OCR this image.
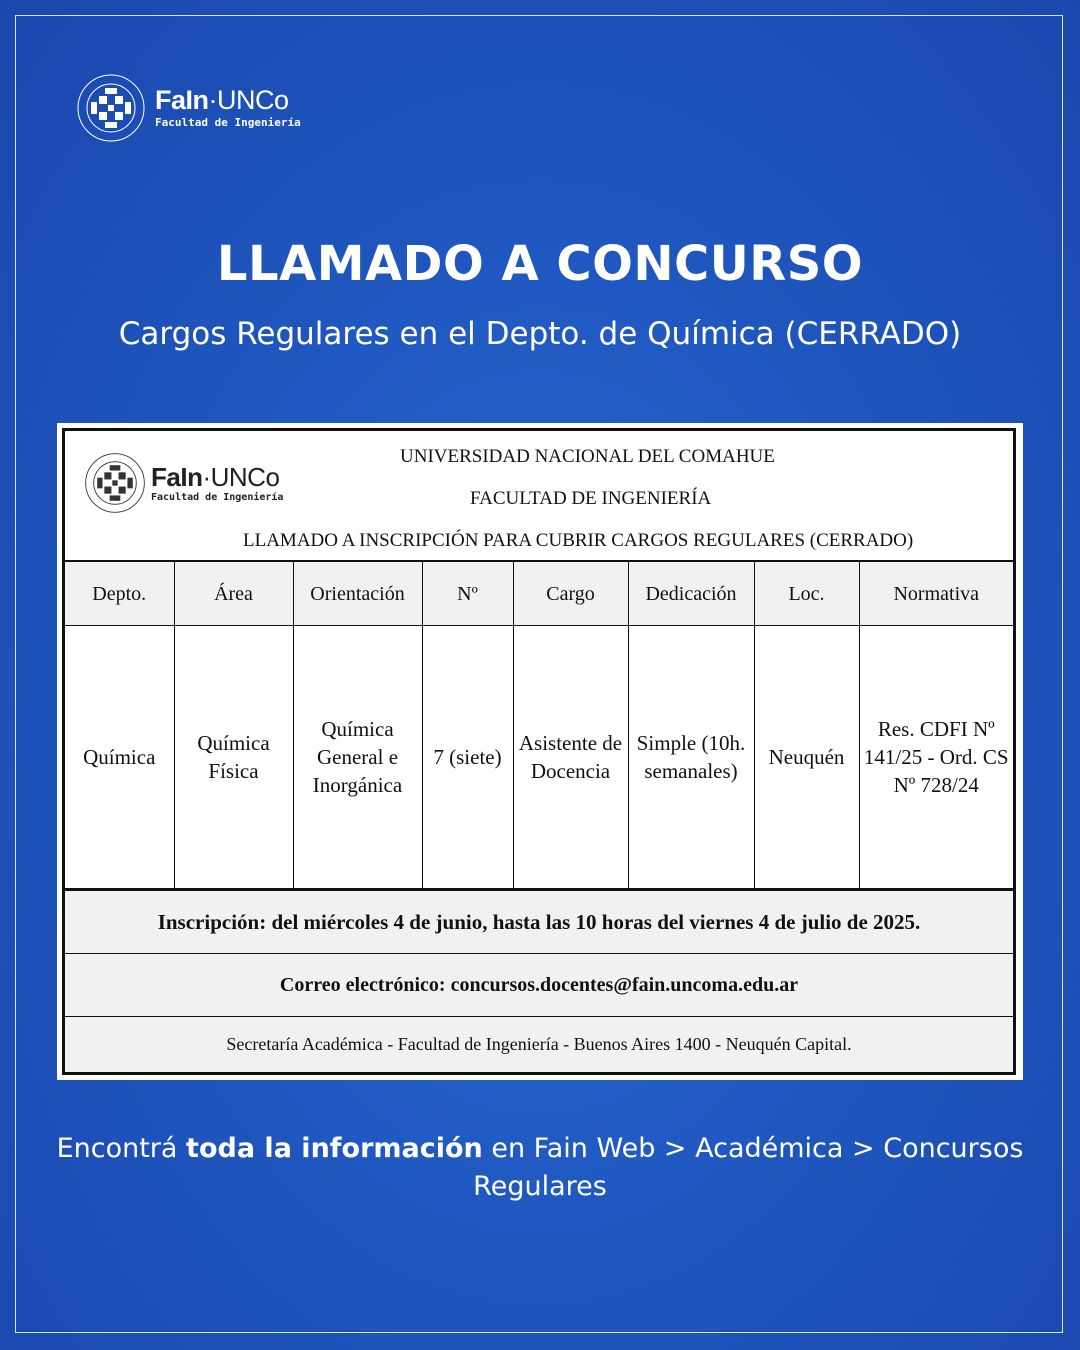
FaIn·UNCo
Facultad de Ingeniería
LLAMADO A CONCURSO
Cargos Regulares en el Depto. de Química (CERRADO)
FaIn·UNCo
Facultad de Ingeniería
UNIVERSIDAD NACIONAL DEL COMAHUE
FACULTAD DE INGENIERÍA
LLAMADO A INSCRIPCIÓN PARA CUBRIR CARGOS REGULARES (CERRADO)
Depto.	Área	Orientación	Nº	Cargo	Dedicación	Loc.	Normativa
Química	Química Física	Química General e Inorgánica	7 (siete)	Asistente de Docencia	Simple (10h. semanales)	Neuquén	Res. CDFI Nº 141/25 - Ord. CS Nº 728/24
Inscripción: del miércoles 4 de junio, hasta las 10 horas del viernes 4 de julio de 2025.
Correo electrónico: concursos.docentes@fain.uncoma.edu.ar
Secretaría Académica - Facultad de Ingeniería - Buenos Aires 1400 - Neuquén Capital.
Encontrá toda la información en Fain Web > Académica > Concursos Regulares
